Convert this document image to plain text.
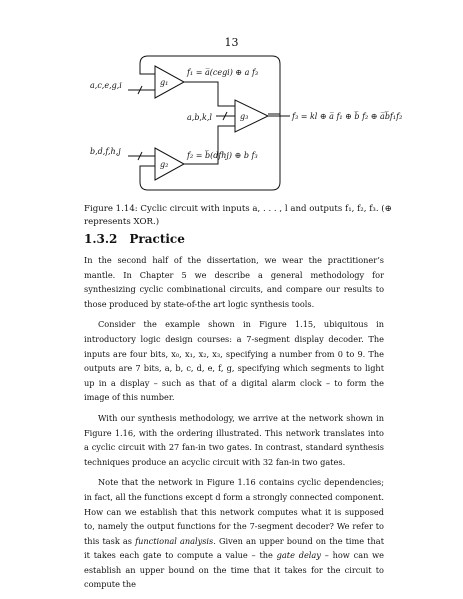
13
a,c,e,g,i
b,d,f,h,j
a,b,k,l
g₁
g₂
g₃
f₁ = a̅(cegi) ⊕ a f₃
f₂ = b̅(dfhj) ⊕ b f₃
f₃ = kl ⊕ a̅ f₁ ⊕ b̅ f₂ ⊕ a̅b̅f₁f₂
Figure 1.14: Cyclic circuit with inputs a, . . . , l and outputs f₁, f₂, f₃. (⊕ represents XOR.)
1.3.2 Practice

In the second half of the dissertation, we wear the practitioner’s mantle. In Chapter 5 we describe a general methodology for synthesizing cyclic combinational circuits, and compare our results to those produced by state-of-the art logic synthesis tools.

Consider the example shown in Figure 1.15, ubiquitous in introductory logic design courses: a 7-segment display decoder. The inputs are four bits, x₀, x₁, x₂, x₃, specifying a number from 0 to 9. The outputs are 7 bits, a, b, c, d, e, f, g, specifying which segments to light up in a display – such as that of a digital alarm clock – to form the image of this number.

With our synthesis methodology, we arrive at the network shown in Figure 1.16, with the ordering illustrated. This network translates into a cyclic circuit with 27 fan-in two gates. In contrast, standard synthesis techniques produce an acyclic circuit with 32 fan-in two gates.

Note that the network in Figure 1.16 contains cyclic dependencies; in fact, all the functions except d form a strongly connected component. How can we establish that this network computes what it is supposed to, namely the output functions for the 7-segment decoder? We refer to this task as functional analysis. Given an upper bound on the time that it takes each gate to compute a value – the gate delay – how can we establish an upper bound on the time that it takes for the circuit to compute the
